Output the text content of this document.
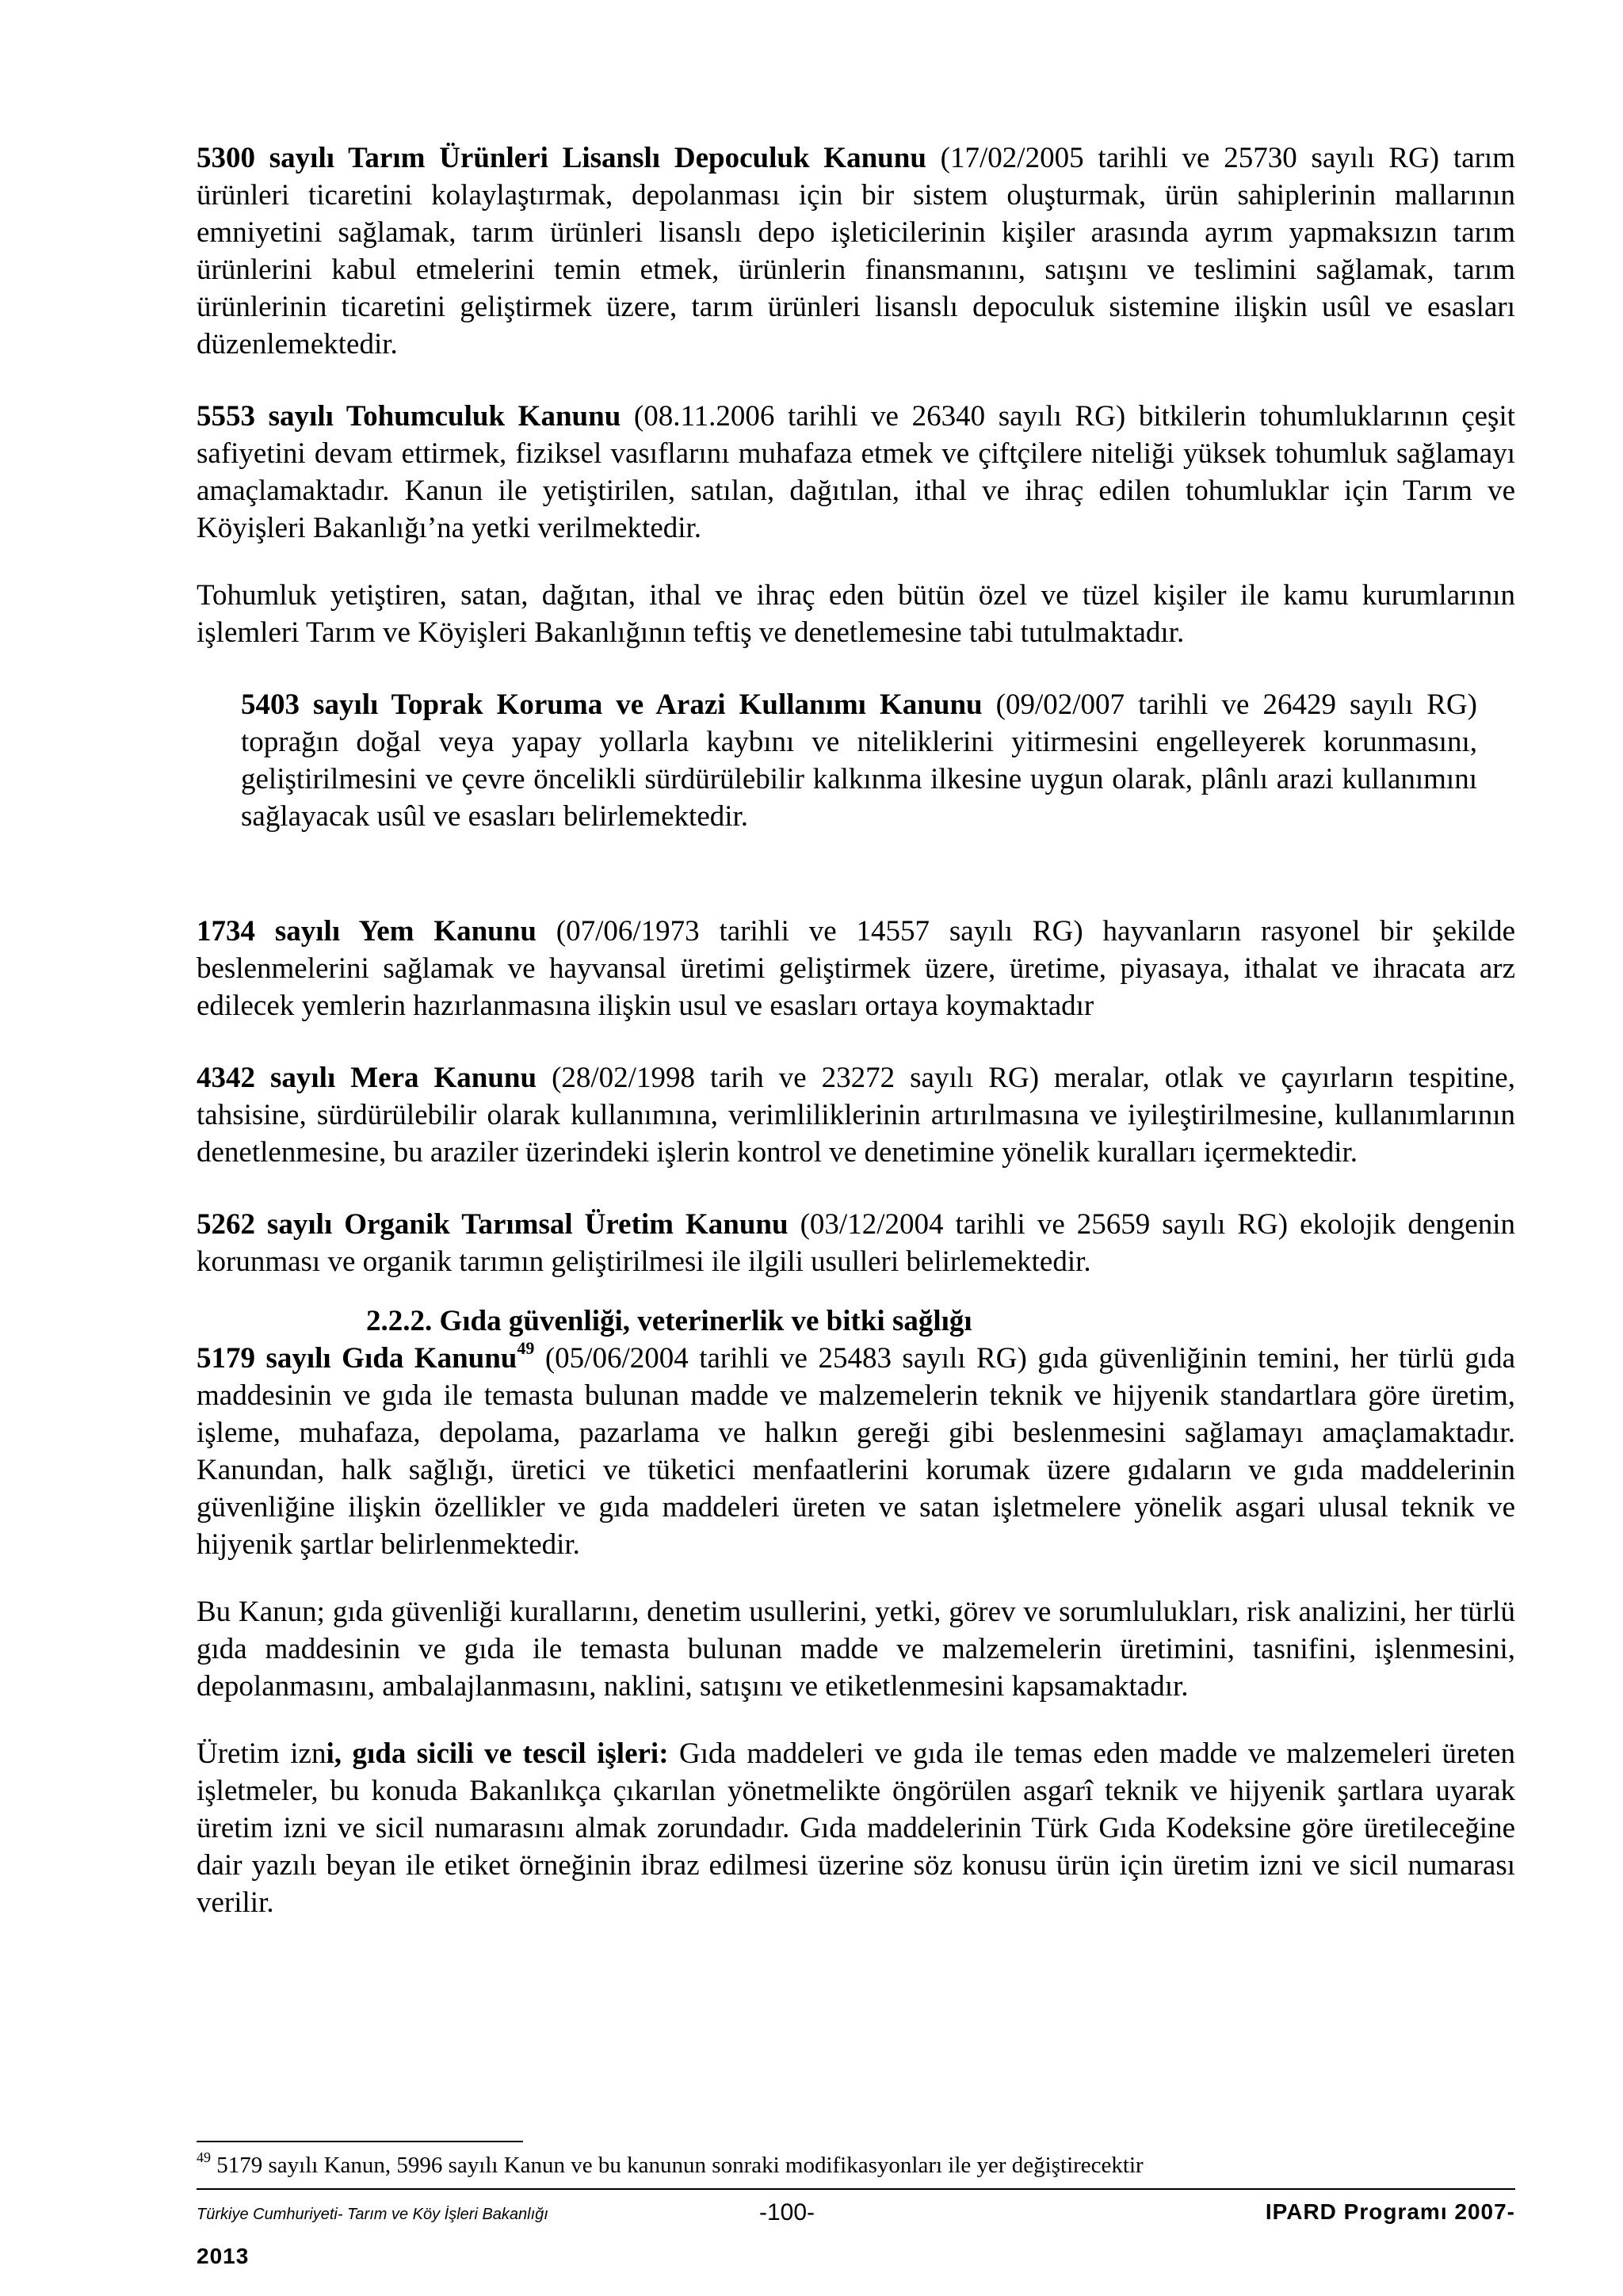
5300 sayılı Tarım Ürünleri Lisanslı Depoculuk Kanunu (17/02/2005 tarihli ve 25730 sayılı RG) tarım ürünleri ticaretini kolaylaştırmak, depolanması için bir sistem oluşturmak, ürün sahiplerinin mallarının emniyetini sağlamak, tarım ürünleri lisanslı depo işleticilerinin kişiler arasında ayrım yapmaksızın tarım ürünlerini kabul etmelerini temin etmek, ürünlerin finansmanını, satışını ve teslimini sağlamak, tarım ürünlerinin ticaretini geliştirmek üzere, tarım ürünleri lisanslı depoculuk sistemine ilişkin usûl ve esasları düzenlemektedir.

5553 sayılı Tohumculuk Kanunu (08.11.2006 tarihli ve 26340 sayılı RG) bitkilerin tohumluklarının çeşit safiyetini devam ettirmek, fiziksel vasıflarını muhafaza etmek ve çiftçilere niteliği yüksek tohumluk sağlamayı amaçlamaktadır. Kanun ile yetiştirilen, satılan, dağıtılan, ithal ve ihraç edilen tohumluklar için Tarım ve Köyişleri Bakanlığı’na yetki verilmektedir.

Tohumluk yetiştiren, satan, dağıtan, ithal ve ihraç eden bütün özel ve tüzel kişiler ile kamu kurumlarının işlemleri Tarım ve Köyişleri Bakanlığının teftiş ve denetlemesine tabi tutulmaktadır.

5403 sayılı Toprak Koruma ve Arazi Kullanımı Kanunu (09/02/007 tarihli ve 26429 sayılı RG) toprağın doğal veya yapay yollarla kaybını ve niteliklerini yitirmesini engelleyerek korunmasını, geliştirilmesini ve çevre öncelikli sürdürülebilir kalkınma ilkesine uygun olarak, plânlı arazi kullanımını sağlayacak usûl ve esasları belirlemektedir.

1734 sayılı Yem Kanunu (07/06/1973 tarihli ve 14557 sayılı RG) hayvanların rasyonel bir şekilde beslenmelerini sağlamak ve hayvansal üretimi geliştirmek üzere, üretime, piyasaya, ithalat ve ihracata arz edilecek yemlerin hazırlanmasına ilişkin usul ve esasları ortaya koymaktadır

4342 sayılı Mera Kanunu (28/02/1998 tarih ve 23272 sayılı RG) meralar, otlak ve çayırların tespitine, tahsisine, sürdürülebilir olarak kullanımına, verimliliklerinin artırılmasına ve iyileştirilmesine, kullanımlarının denetlenmesine, bu araziler üzerindeki işlerin kontrol ve denetimine yönelik kuralları içermektedir.

5262 sayılı Organik Tarımsal Üretim Kanunu (03/12/2004 tarihli ve 25659 sayılı RG) ekolojik dengenin korunması ve organik tarımın geliştirilmesi ile ilgili usulleri belirlemektedir.

2.2.2. Gıda güvenliği, veterinerlik ve bitki sağlığı

5179 sayılı Gıda Kanunu$^{49}$ (05/06/2004 tarihli ve 25483 sayılı RG) gıda güvenliğinin temini, her türlü gıda maddesinin ve gıda ile temasta bulunan madde ve malzemelerin teknik ve hijyenik standartlara göre üretim, işleme, muhafaza, depolama, pazarlama ve halkın gereği gibi beslenmesini sağlamayı amaçlamaktadır. Kanundan, halk sağlığı, üretici ve tüketici menfaatlerini korumak üzere gıdaların ve gıda maddelerinin güvenliğine ilişkin özellikler ve gıda maddeleri üreten ve satan işletmelere yönelik asgari ulusal teknik ve hijyenik şartlar belirlenmektedir.

Bu Kanun; gıda güvenliği kurallarını, denetim usullerini, yetki, görev ve sorumlulukları, risk analizini, her türlü gıda maddesinin ve gıda ile temasta bulunan madde ve malzemelerin üretimini, tasnifini, işlenmesini, depolanmasını, ambalajlanmasını, naklini, satışını ve etiketlenmesini kapsamaktadır.

Üretim izni, gıda sicili ve tescil işleri: Gıda maddeleri ve gıda ile temas eden madde ve malzemeleri üreten işletmeler, bu konuda Bakanlıkça çıkarılan yönetmelikte öngörülen asgarî teknik ve hijyenik şartlara uyarak üretim izni ve sicil numarasını almak zorundadır. Gıda maddelerinin Türk Gıda Kodeksine göre üretileceğine dair yazılı beyan ile etiket örneğinin ibraz edilmesi üzerine söz konusu ürün için üretim izni ve sicil numarası verilir.

$^{49}$ 5179 sayılı Kanun, 5996 sayılı Kanun ve bu kanunun sonraki modifikasyonları ile yer değiştirecektir
Türkiye Cumhuriyeti- Tarım ve Köy İşleri Bakanlığı	-100-	IPARD Programı 2007-
2013
